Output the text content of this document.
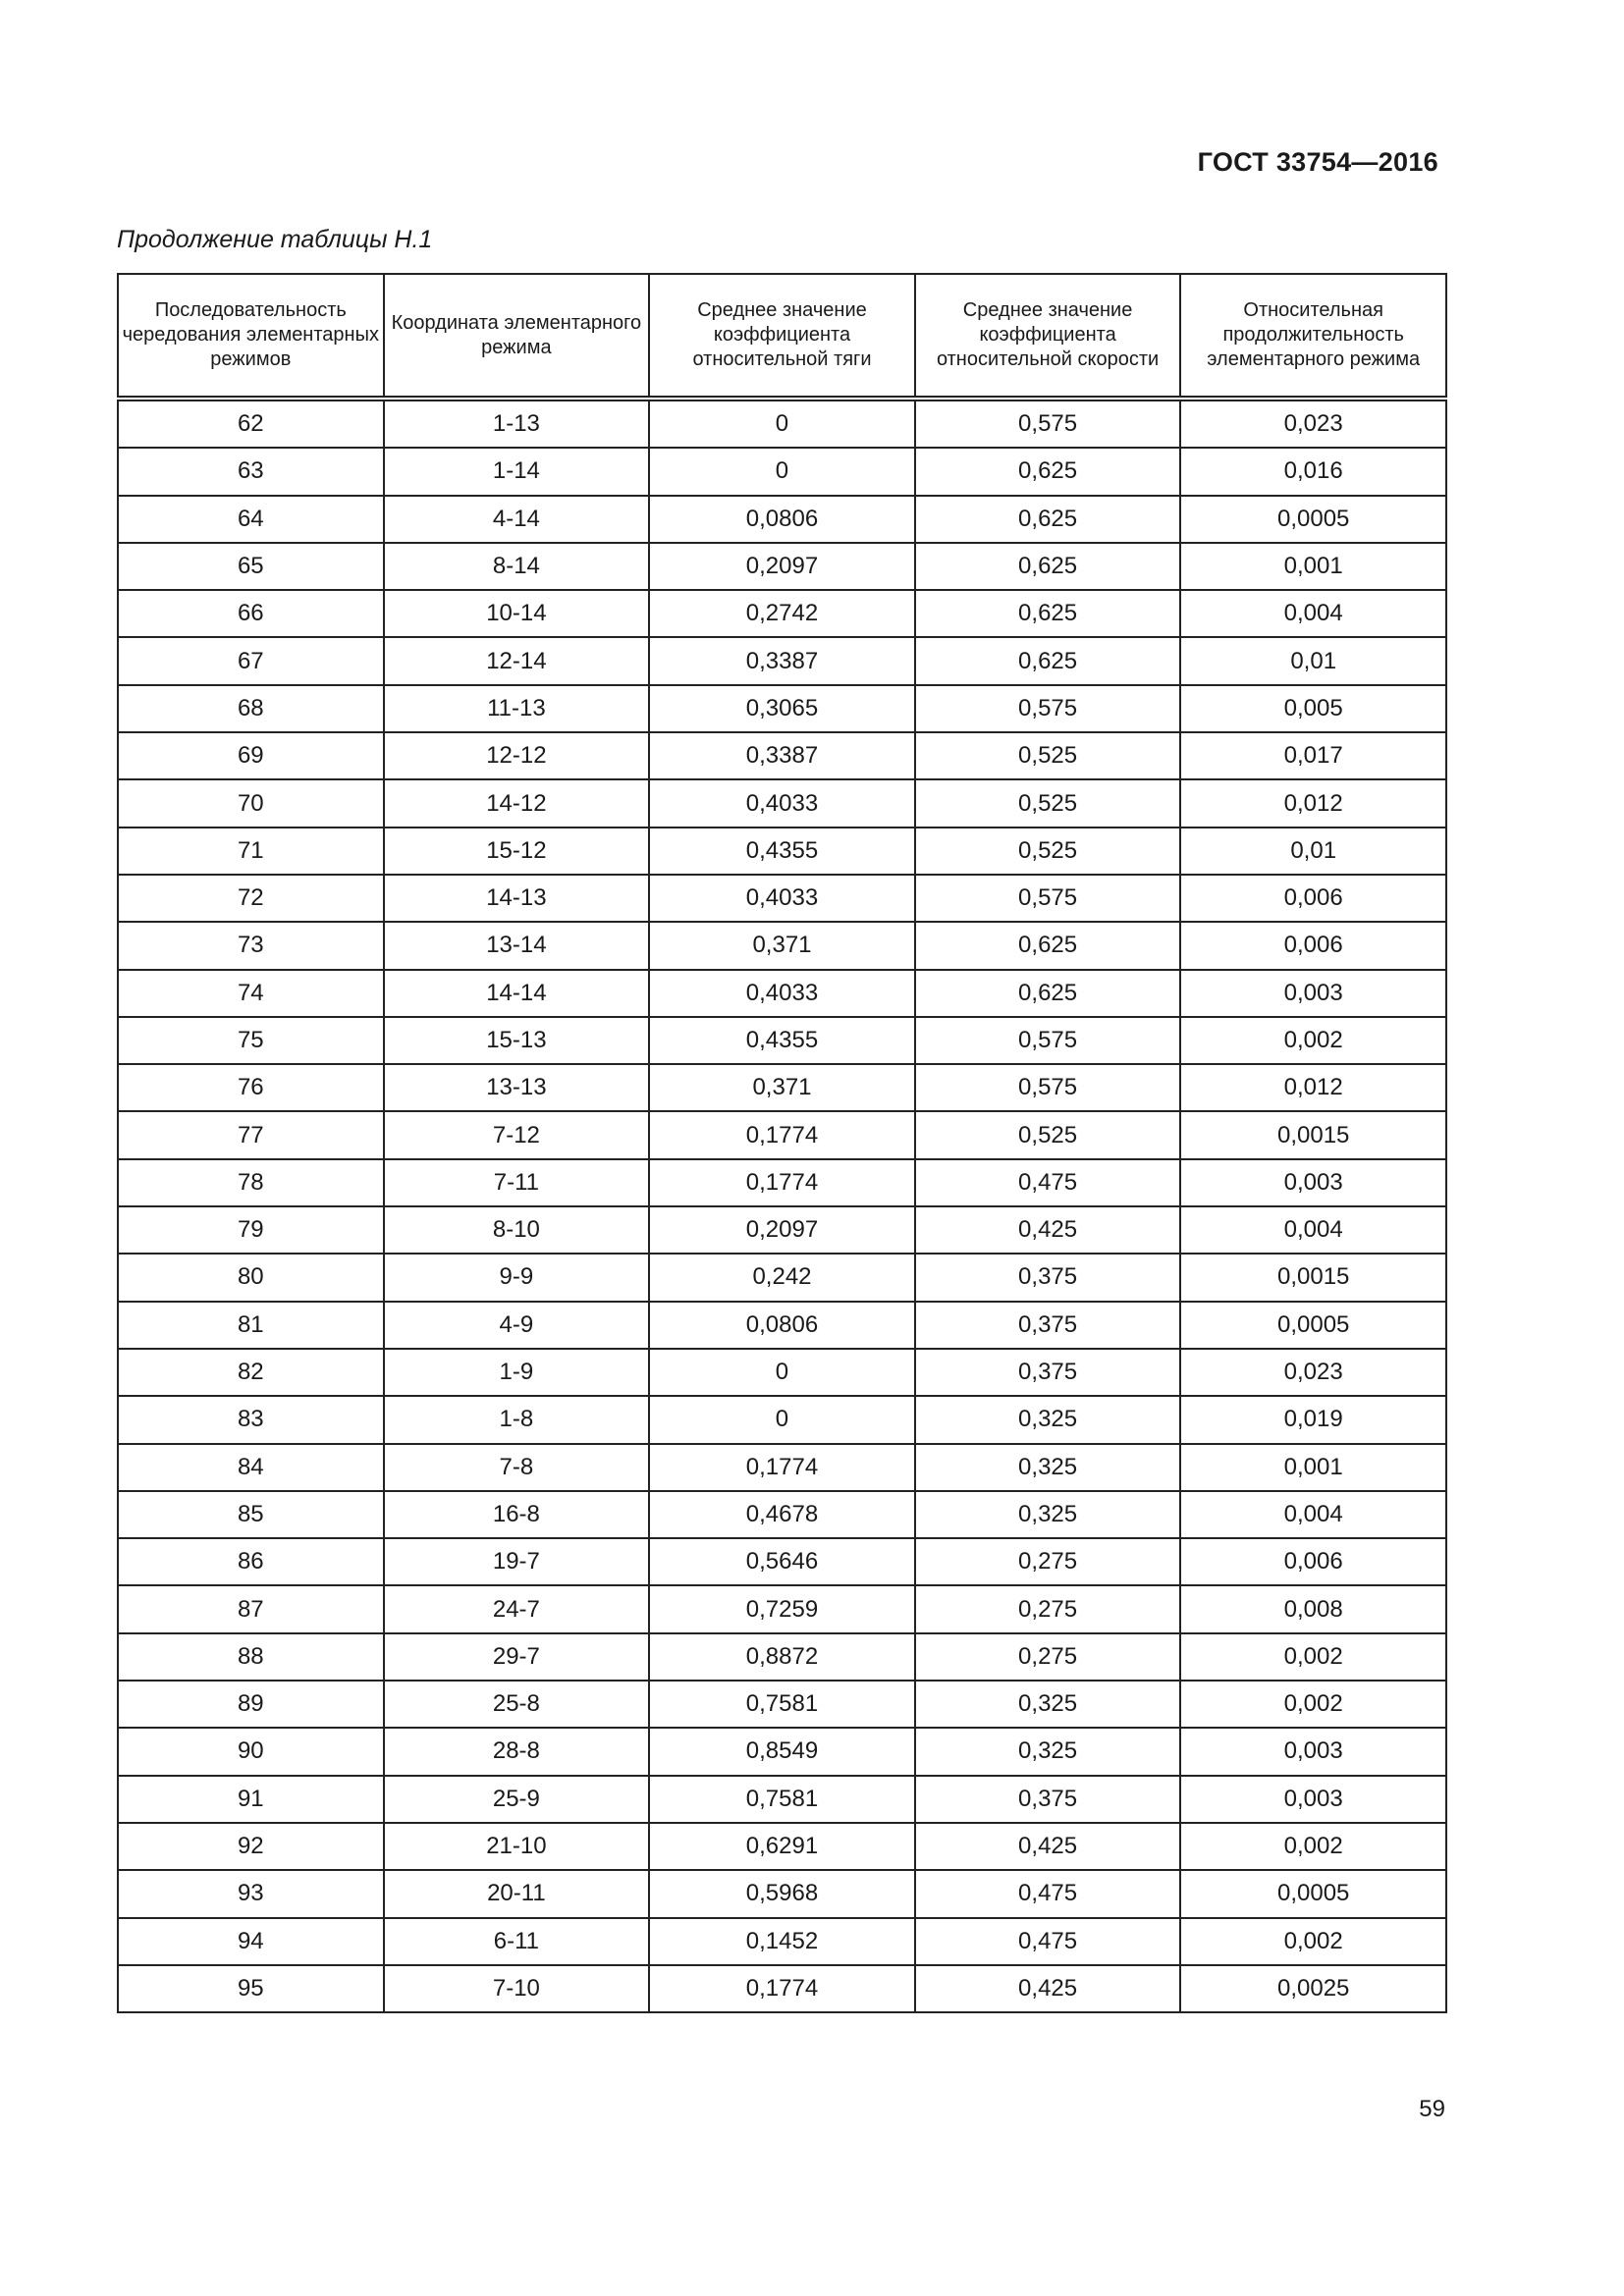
ГОСТ 33754—2016
Продолжение таблицы Н.1
Последовательность чередования элементарных режимов	Координата элементарного режима	Среднее значение коэффициента относительной тяги	Среднее значение коэффициента относительной скорости	Относительная продолжительность элементарного режима
62	1-13	0	0,575	0,023
63	1-14	0	0,625	0,016
64	4-14	0,0806	0,625	0,0005
65	8-14	0,2097	0,625	0,001
66	10-14	0,2742	0,625	0,004
67	12-14	0,3387	0,625	0,01
68	11-13	0,3065	0,575	0,005
69	12-12	0,3387	0,525	0,017
70	14-12	0,4033	0,525	0,012
71	15-12	0,4355	0,525	0,01
72	14-13	0,4033	0,575	0,006
73	13-14	0,371	0,625	0,006
74	14-14	0,4033	0,625	0,003
75	15-13	0,4355	0,575	0,002
76	13-13	0,371	0,575	0,012
77	7-12	0,1774	0,525	0,0015
78	7-11	0,1774	0,475	0,003
79	8-10	0,2097	0,425	0,004
80	9-9	0,242	0,375	0,0015
81	4-9	0,0806	0,375	0,0005
82	1-9	0	0,375	0,023
83	1-8	0	0,325	0,019
84	7-8	0,1774	0,325	0,001
85	16-8	0,4678	0,325	0,004
86	19-7	0,5646	0,275	0,006
87	24-7	0,7259	0,275	0,008
88	29-7	0,8872	0,275	0,002
89	25-8	0,7581	0,325	0,002
90	28-8	0,8549	0,325	0,003
91	25-9	0,7581	0,375	0,003
92	21-10	0,6291	0,425	0,002
93	20-11	0,5968	0,475	0,0005
94	6-11	0,1452	0,475	0,002
95	7-10	0,1774	0,425	0,0025
59
